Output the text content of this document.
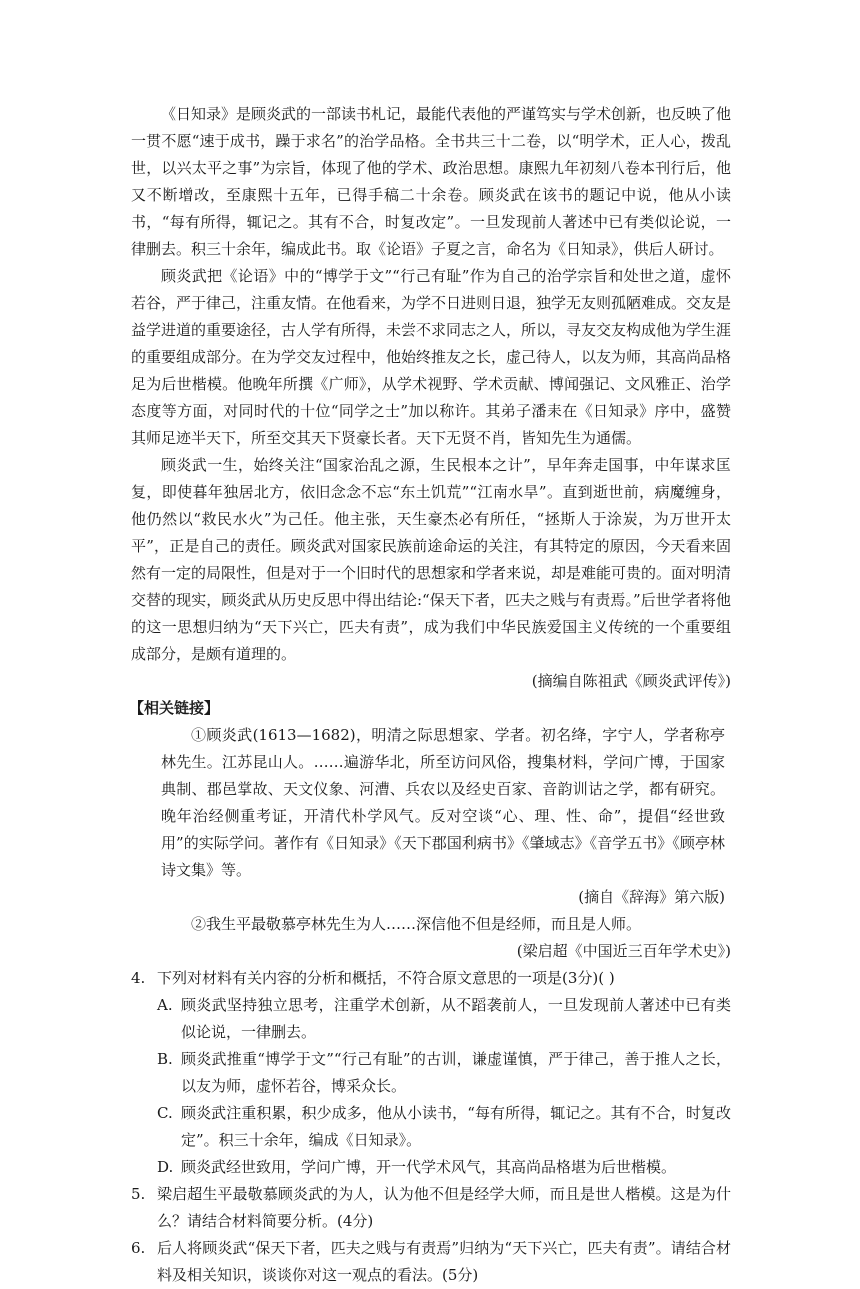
《日知录》是顾炎武的一部读书札记，最能代表他的严谨笃实与学术创新，也反映了他一贯不愿“速于成书，躁于求名”的治学品格。全书共三十二卷，以“明学术，正人心，拨乱世，以兴太平之事”为宗旨，体现了他的学术、政治思想。康熙九年初刻八卷本刊行后，他又不断增改，至康熙十五年，已得手稿二十余卷。顾炎武在该书的题记中说，他从小读书，“每有所得，辄记之。其有不合，时复改定”。一旦发现前人著述中已有类似论说，一律删去。积三十余年，编成此书。取《论语》子夏之言，命名为《日知录》，供后人研讨。

顾炎武把《论语》中的“博学于文”“行己有耻”作为自己的治学宗旨和处世之道，虚怀若谷，严于律己，注重友情。在他看来，为学不日进则日退，独学无友则孤陋难成。交友是益学进道的重要途径，古人学有所得，未尝不求同志之人，所以，寻友交友构成他为学生涯的重要组成部分。在为学交友过程中，他始终推友之长，虚己待人，以友为师，其高尚品格足为后世楷模。他晚年所撰《广师》，从学术视野、学术贡献、博闻强记、文风雅正、治学态度等方面，对同时代的十位“同学之士”加以称许。其弟子潘耒在《日知录》序中，盛赞其师足迹半天下，所至交其天下贤豪长者。天下无贤不肖，皆知先生为通儒。

顾炎武一生，始终关注“国家治乱之源，生民根本之计”，早年奔走国事，中年谋求匡复，即使暮年独居北方，依旧念念不忘“东土饥荒”“江南水旱”。直到逝世前，病魔缠身，他仍然以“救民水火”为己任。他主张，天生豪杰必有所任，“拯斯人于涂炭，为万世开太平”，正是自己的责任。顾炎武对国家民族前途命运的关注，有其特定的原因，今天看来固然有一定的局限性，但是对于一个旧时代的思想家和学者来说，却是难能可贵的。面对明清交替的现实，顾炎武从历史反思中得出结论:“保天下者，匹夫之贱与有责焉。”后世学者将他的这一思想归纳为“天下兴亡，匹夫有责”，成为我们中华民族爱国主义传统的一个重要组成部分，是颇有道理的。

(摘编自陈祖武《顾炎武评传》)

【相关链接】

①顾炎武(1613—1682)，明清之际思想家、学者。初名绛，字宁人，学者称亭林先生。江苏昆山人。……遍游华北，所至访问风俗，搜集材料，学问广博，于国家典制、郡邑掌故、天文仪象、河漕、兵农以及经史百家、音韵训诂之学，都有研究。晚年治经侧重考证，开清代朴学风气。反对空谈“心、理、性、命”，提倡“经世致用”的实际学问。著作有《日知录》《天下郡国利病书》《肇域志》《音学五书》《顾亭林诗文集》等。

(摘自《辞海》第六版)

②我生平最敬慕亭林先生为人……深信他不但是经师，而且是人师。

(梁启超《中国近三百年学术史》)

4. 下列对材料有关内容的分析和概括，不符合原文意思的一项是(3分)( )
A. 顾炎武坚持独立思考，注重学术创新，从不蹈袭前人，一旦发现前人著述中已有类似论说，一律删去。
B. 顾炎武推重“博学于文”“行己有耻”的古训，谦虚谨慎，严于律己，善于推人之长，以友为师，虚怀若谷，博采众长。
C. 顾炎武注重积累，积少成多，他从小读书，“每有所得，辄记之。其有不合，时复改定”。积三十余年，编成《日知录》。
D. 顾炎武经世致用，学问广博，开一代学术风气，其高尚品格堪为后世楷模。
5. 梁启超生平最敬慕顾炎武的为人，认为他不但是经学大师，而且是世人楷模。这是为什么？请结合材料简要分析。(4分)
6. 后人将顾炎武“保天下者，匹夫之贱与有责焉”归纳为“天下兴亡，匹夫有责”。请结合材料及相关知识，谈谈你对这一观点的看法。(5分)
